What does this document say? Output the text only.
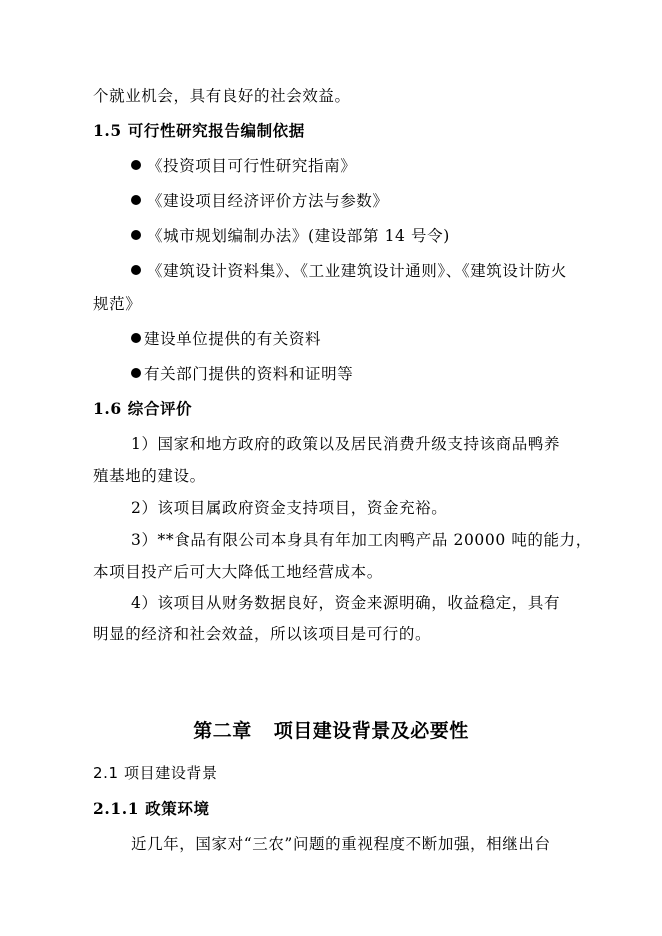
个就业机会，具有良好的社会效益。
1.5 可行性研究报告编制依据
《投资项目可行性研究指南》
《建设项目经济评价方法与参数》
《城市规划编制办法》(建设部第 14 号令)
《建筑设计资料集》、《工业建筑设计通则》、《建筑设计防火
规范》
建设单位提供的有关资料
有关部门提供的资料和证明等
1.6 综合评价
1）国家和地方政府的政策以及居民消费升级支持该商品鸭养
殖基地的建设。
2）该项目属政府资金支持项目，资金充裕。
3）**食品有限公司本身具有年加工肉鸭产品 20000 吨的能力，
本项目投产后可大大降低工地经营成本。
4）该项目从财务数据良好，资金来源明确，收益稳定，具有
明显的经济和社会效益，所以该项目是可行的。
第二章 项目建设背景及必要性
2.1 项目建设背景
2.1.1 政策环境
近几年，国家对“三农”问题的重视程度不断加强，相继出台
